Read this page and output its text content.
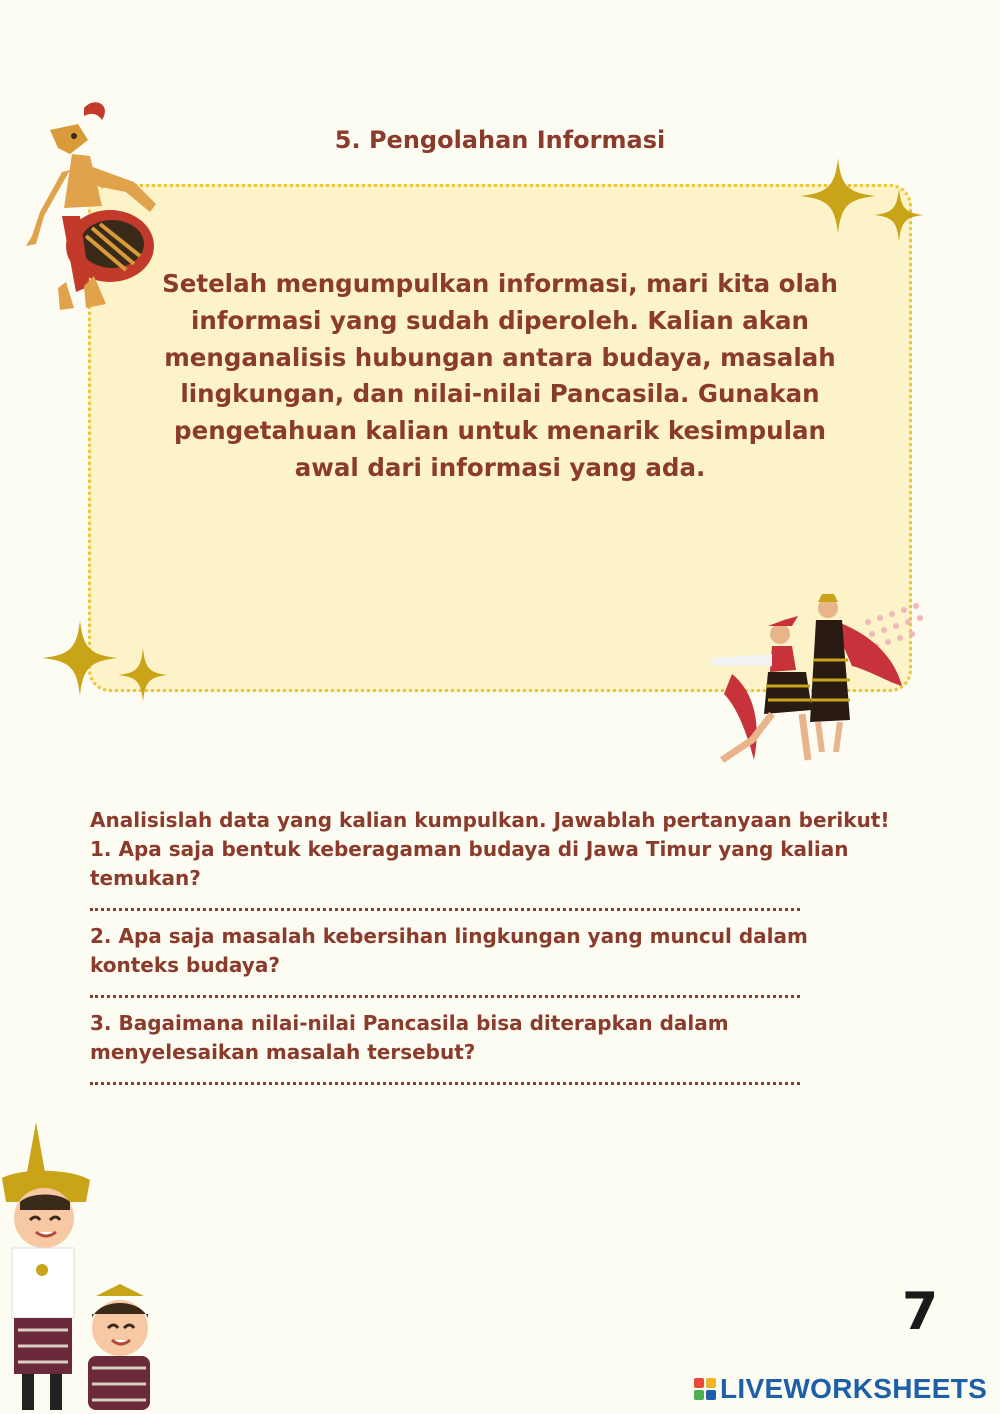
5. Pengolahan Informasi
Setelah mengumpulkan informasi, mari kita olah informasi yang sudah diperoleh. Kalian akan menganalisis hubungan antara budaya, masalah lingkungan, dan nilai-nilai Pancasila. Gunakan pengetahuan kalian untuk menarik kesimpulan awal dari informasi yang ada.
Analisislah data yang kalian kumpulkan. Jawablah pertanyaan berikut!
1. Apa saja bentuk keberagaman budaya di Jawa Timur yang kalian temukan?
2. Apa saja masalah kebersihan lingkungan yang muncul dalam konteks budaya?
3. Bagaimana nilai-nilai Pancasila bisa diterapkan dalam menyelesaikan masalah tersebut?
7
LIVEWORKSHEETS
